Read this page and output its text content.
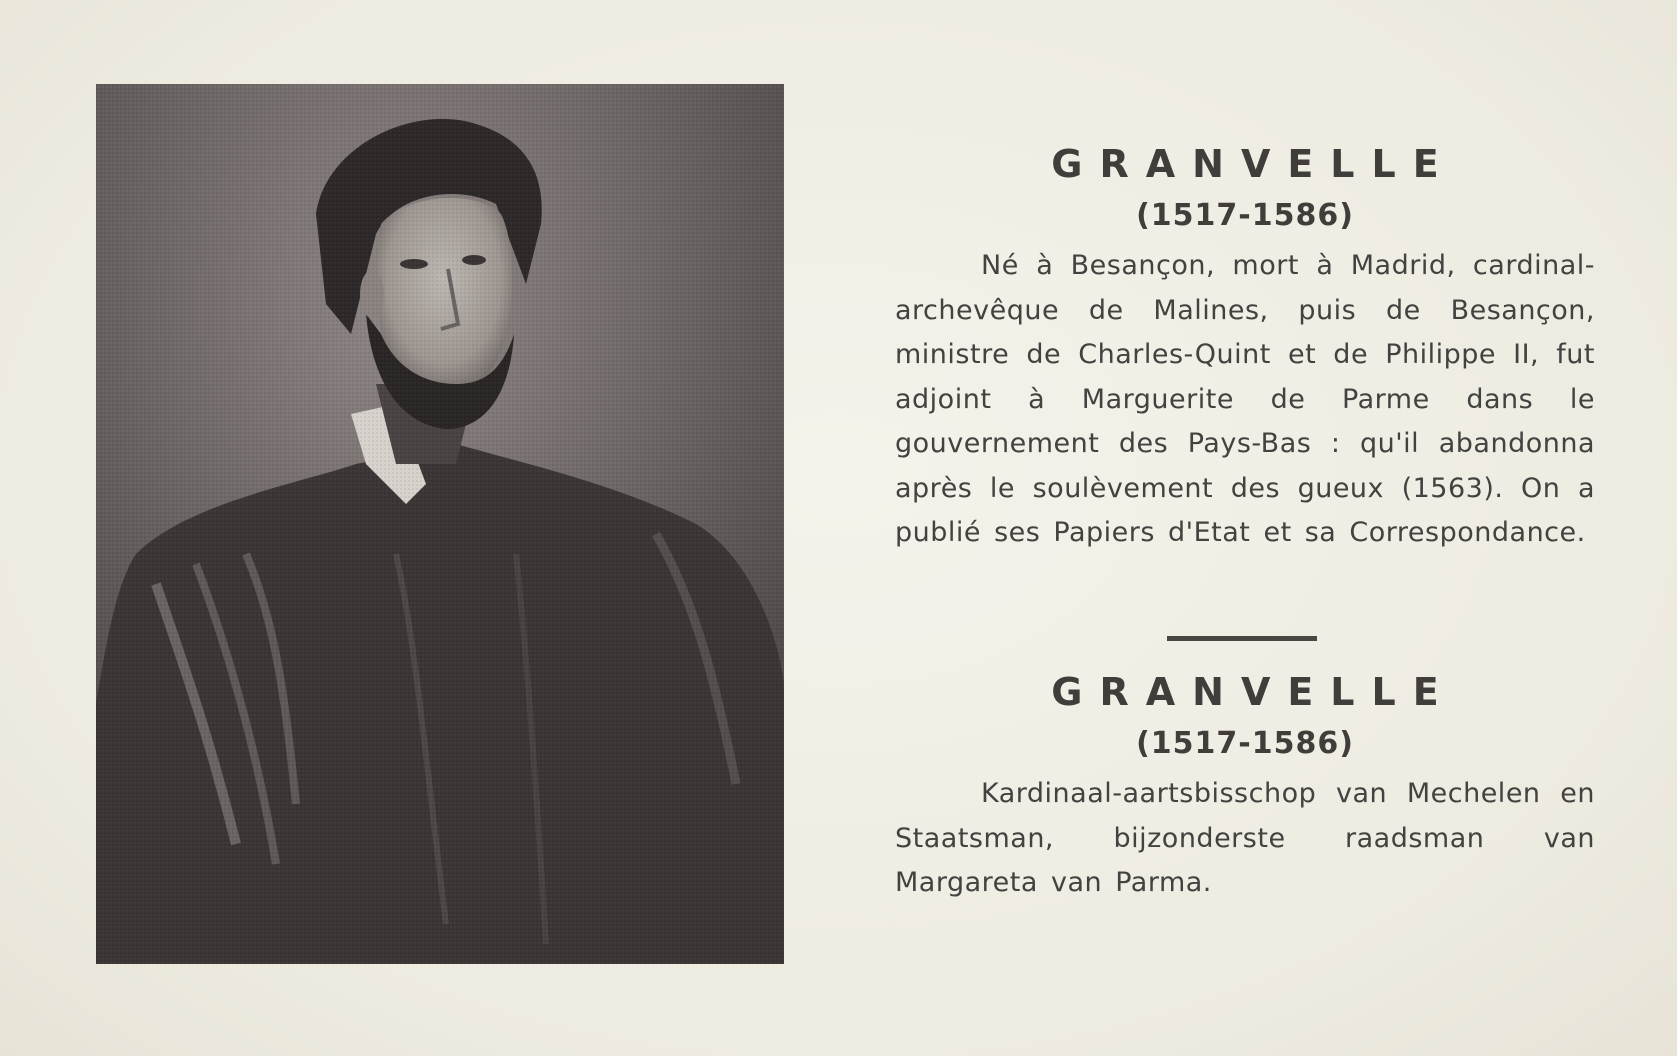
GRANVELLE
(1517-1586)

Né à Besançon, mort à Madrid, cardinal-archevêque de Malines, puis de Besançon, ministre de Charles-Quint et de Philippe II, fut adjoint à Marguerite de Parme dans le gouvernement des Pays-Bas : qu'il abandonna après le soulèvement des gueux (1563). On a publié ses Papiers d'Etat et sa Correspondance.

GRANVELLE
(1517-1586)

Kardinaal-aartsbisschop van Mechelen en Staatsman, bijzonderste raadsman van Margareta van Parma.
